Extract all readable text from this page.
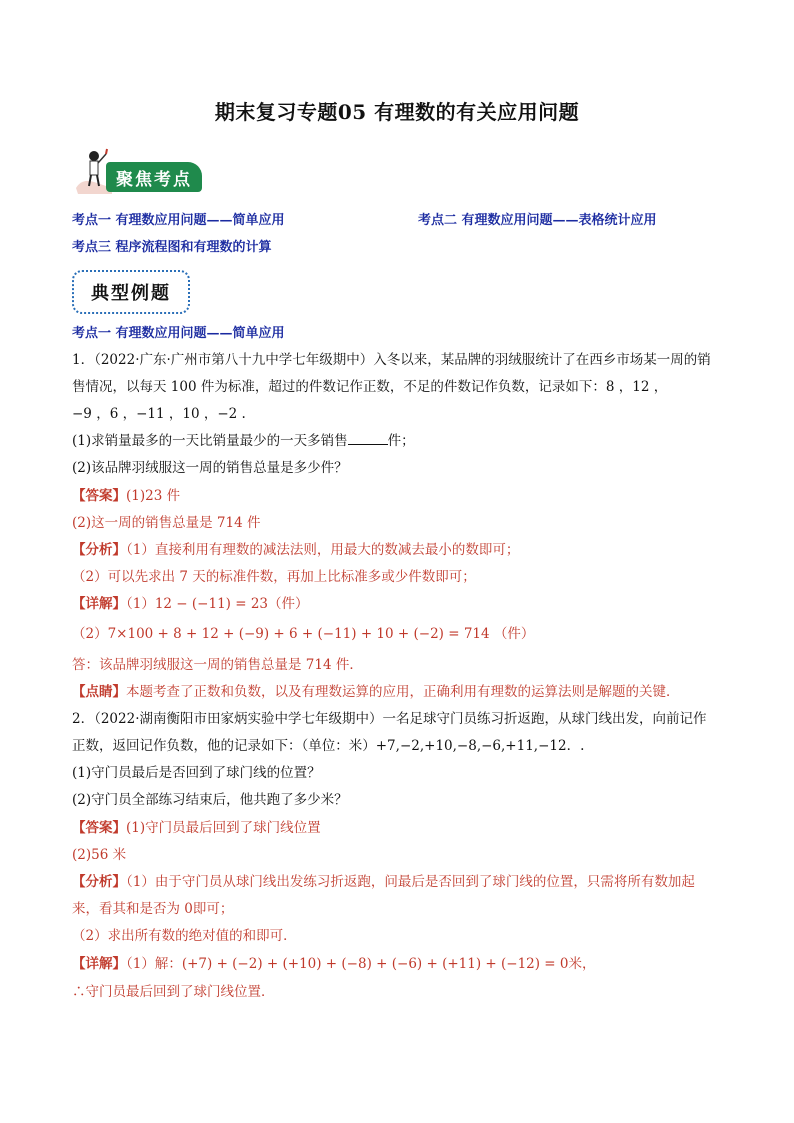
期末复习专题05 有理数的有关应用问题
聚焦考点
考点一 有理数应用问题——简单应用	考点二 有理数应用问题——表格统计应用
考点三 程序流程图和有理数的计算
典型例题
考点一 有理数应用问题——简单应用
1．（2022·广东·广州市第八十九中学七年级期中）入冬以来，某品牌的羽绒服统计了在西乡市场某一周的销
售情况，以每天 100 件为标准，超过的件数记作正数，不足的件数记作负数，记录如下：8 ，12 ，
−9 ，6 ，−11 ，10 ，−2 .
(1)求销量最多的一天比销量最少的一天多销售	件；
(2)该品牌羽绒服这一周的销售总量是多少件？
【答案】(1)23 件
(2)这一周的销售总量是 714 件
【分析】（1）直接利用有理数的减法法则，用最大的数减去最小的数即可；
（2）可以先求出 7 天的标准件数，再加上比标准多或少件数即可；
【详解】（1）12 − (−11) = 23（件）
（2）7×100 + 8 + 12 + (−9) + 6 + (−11) + 10 + (−2) = 714 （件）
答：该品牌羽绒服这一周的销售总量是 714 件．
【点睛】本题考查了正数和负数，以及有理数运算的应用，正确利用有理数的运算法则是解题的关键．
2．（2022·湖南衡阳市田家炳实验中学七年级期中）一名足球守门员练习折返跑，从球门线出发，向前记作
正数，返回记作负数，他的记录如下：（单位：米）+7,−2,+10,−8,−6,+11,−12．.
(1)守门员最后是否回到了球门线的位置？
(2)守门员全部练习结束后，他共跑了多少米？
【答案】(1)守门员最后回到了球门线位置
(2)56 米
【分析】（1）由于守门员从球门线出发练习折返跑，问最后是否回到了球门线的位置，只需将所有数加起
来，看其和是否为 0即可；
（2）求出所有数的绝对值的和即可．
【详解】（1）解：(+7) + (−2) + (+10) + (−8) + (−6) + (+11) + (−12) = 0米，
∴守门员最后回到了球门线位置．
